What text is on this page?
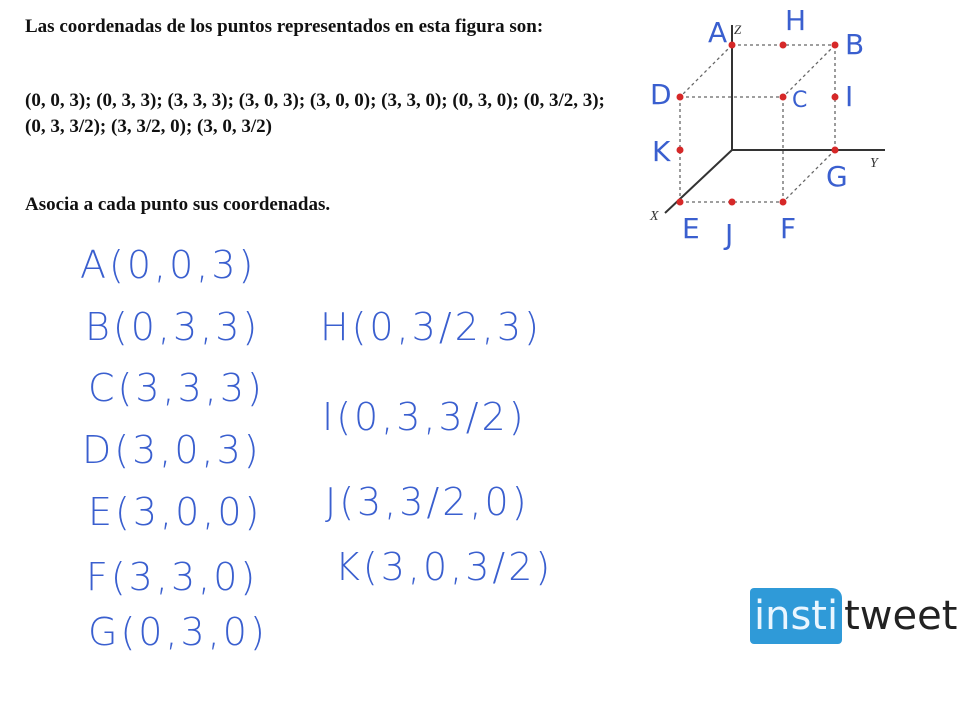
Las coordenadas de los puntos representados en esta figura son:
(0, 0, 3); (0, 3, 3); (3, 3, 3); (3, 0, 3); (3, 0, 0); (3, 3, 0); (0, 3, 0); (0, 3/2, 3); (0, 3, 3/2); (3, 3/2, 0); (3, 0, 3/2)
Asocia a cada punto sus coordenadas.
Z
Y
X
A H
B
D	C I
K
G
E J F
A(0,0,3)
B(0,3,3)
C(3,3,3)
D(3,0,3)
E(3,0,0)
F(3,3,0)
G(0,3,0)
H(0,3/2,3)
I(0,3,3/2)
J(3,3/2,0)
K(3,0,3/2)
insti tweet
